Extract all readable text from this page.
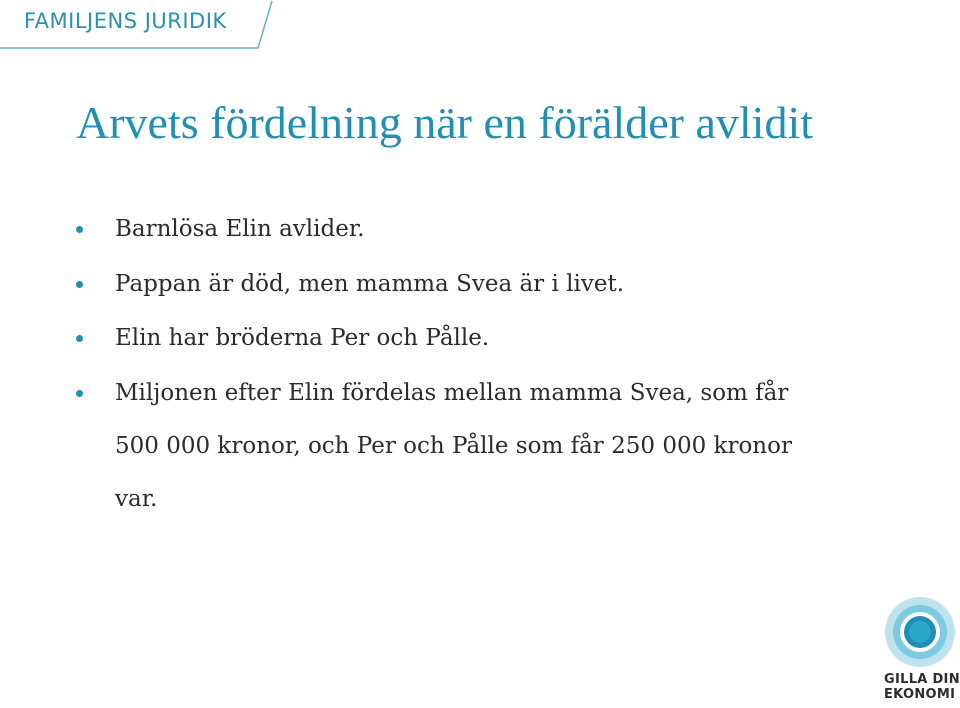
FAMILJENS JURIDIK
Arvets fördelning när en förälder avlidit
Barnlösa Elin avlider.
Pappan är död, men mamma Svea är i livet.
Elin har bröderna Per och Pålle.
Miljonen efter Elin fördelas mellan mamma Svea, som får 500 000 kronor, och Per och Pålle som får 250 000 kronor var.
GILLA DIN
EKONOMI
